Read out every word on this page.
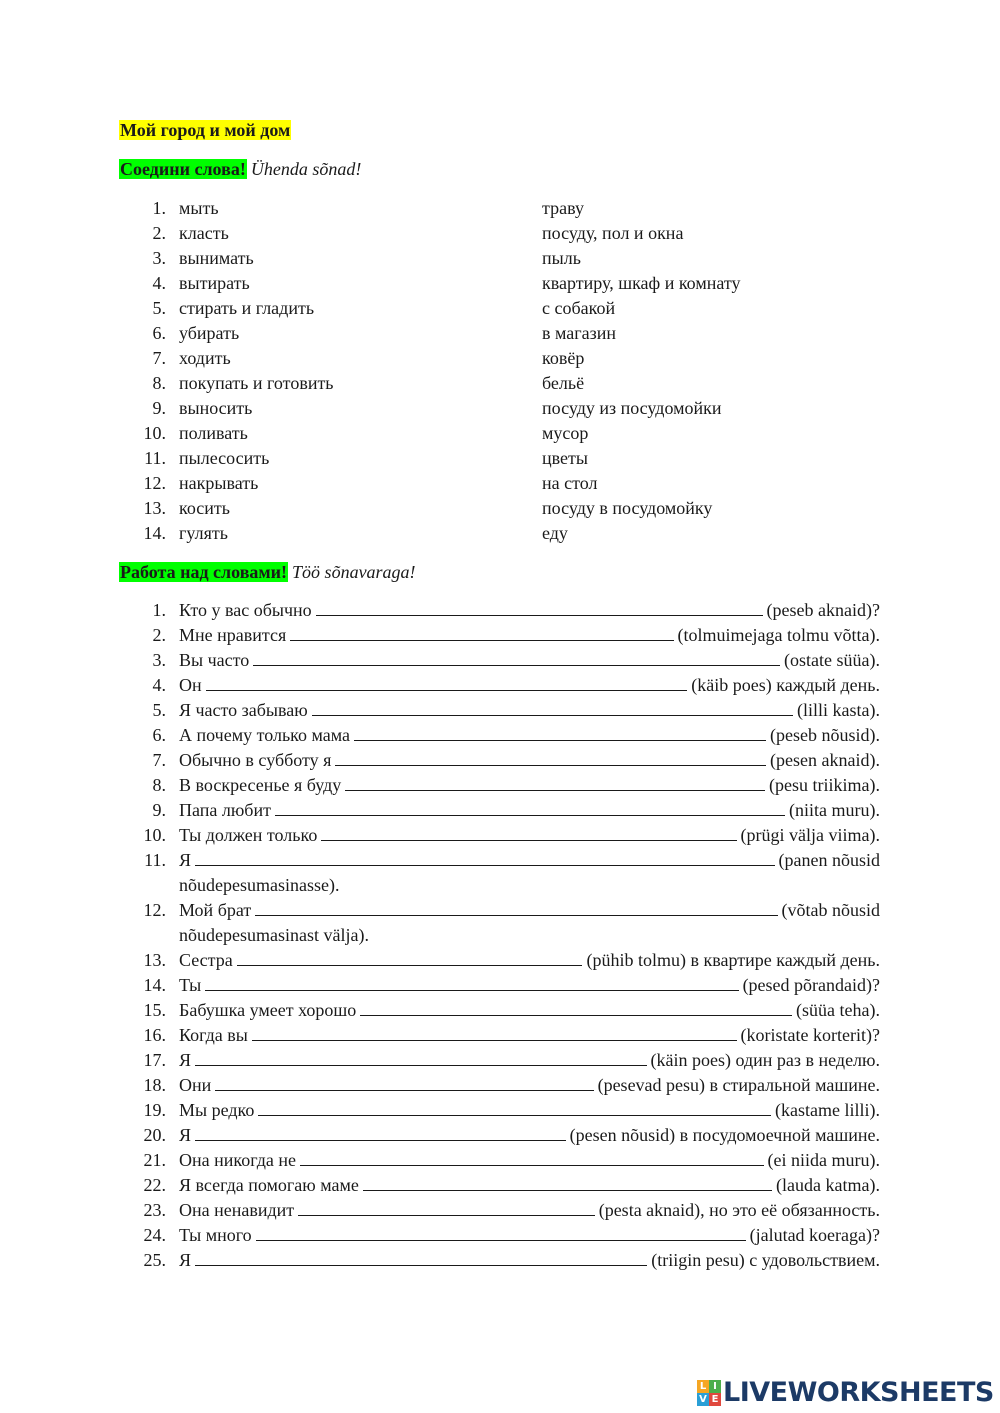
Мой город и мой дом
Соедини слова! Ühenda sõnad!
1. мыть	траву
2. класть	посуду, пол и окна
3. вынимать	пыль
4. вытирать	квартиру, шкаф и комнату
5. стирать и гладить	с собакой
6. убирать	в магазин
7. ходить	ковёр
8. покупать и готовить	бельё
9. выносить	посуду из посудомойки
10. поливать	мусор
11. пылесосить	цветы
12. накрывать	на стол
13. косить	посуду в посудомойку
14. гулять	еду
Работа над словами! Töö sõnavaraga!
1. Кто у вас обычно	(peseb aknaid)?
2. Мне нравится	(tolmuimejaga tolmu võtta).
3. Вы часто	(ostate süüa).
4. Он	(käib poes) каждый день.
5. Я часто забываю	(lilli kasta).
6. А почему только мама	(peseb nõusid).
7. Обычно в субботу я	(pesen aknaid).
8. В воскресенье я буду	(pesu triikima).
9. Папа любит	(niita muru).
10. Ты должен только	(prügi välja viima).
11. Я	(panen nõusid
nõudepesumasinasse).
12. Мой брат	(võtab nõusid
nõudepesumasinast välja).
13. Сестра	(pühib tolmu) в квартире каждый день.
14. Ты	(pesed põrandaid)?
15. Бабушка умеет хорошо	(süüa teha).
16. Когда вы	(koristate korterit)?
17. Я	(käin poes) один раз в неделю.
18. Они	(pesevad pesu) в стиральной машине.
19. Мы редко	(kastame lilli).
20. Я	(pesen nõusid) в посудомоечной машине.
21. Она никогда не	(ei niida muru).
22. Я всегда помогаю маме	(lauda katma).
23. Она ненавидит	(pesta aknaid), но это её обязанность.
24. Ты много	(jalutad koeraga)?
25. Я	(triigin pesu) с удовольствием.
L I
V E LIVEWORKSHEETS
